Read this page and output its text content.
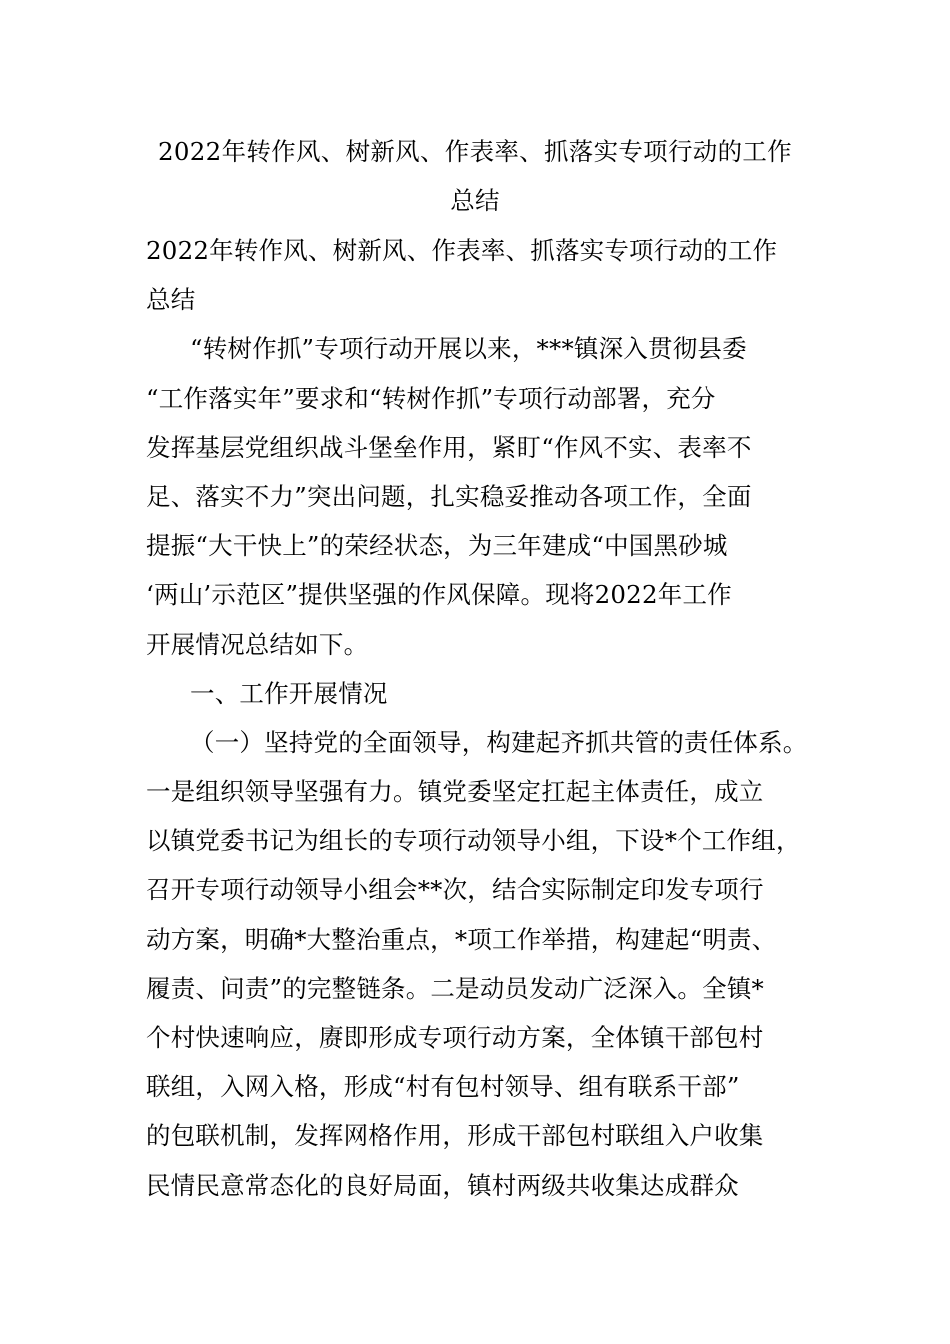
2022年转作风、树新风、作表率、抓落实专项行动的工作
总结
2022年转作风、树新风、作表率、抓落实专项行动的工作
总结
“转树作抓”专项行动开展以来，***镇深入贯彻县委
“工作落实年”要求和“转树作抓”专项行动部署，充分
发挥基层党组织战斗堡垒作用，紧盯“作风不实、表率不
足、落实不力”突出问题，扎实稳妥推动各项工作，全面
提振“大干快上”的荣经状态，为三年建成“中国黑砂城
‘两山’示范区”提供坚强的作风保障。现将2022年工作
开展情况总结如下。
一、工作开展情况
（一）坚持党的全面领导，构建起齐抓共管的责任体系。
一是组织领导坚强有力。镇党委坚定扛起主体责任，成立
以镇党委书记为组长的专项行动领导小组，下设*个工作组，
召开专项行动领导小组会**次，结合实际制定印发专项行
动方案，明确*大整治重点，*项工作举措，构建起“明责、
履责、问责”的完整链条。二是动员发动广泛深入。全镇*
个村快速响应，赓即形成专项行动方案，全体镇干部包村
联组，入网入格，形成“村有包村领导、组有联系干部”
的包联机制，发挥网格作用，形成干部包村联组入户收集
民情民意常态化的良好局面，镇村两级共收集达成群众
